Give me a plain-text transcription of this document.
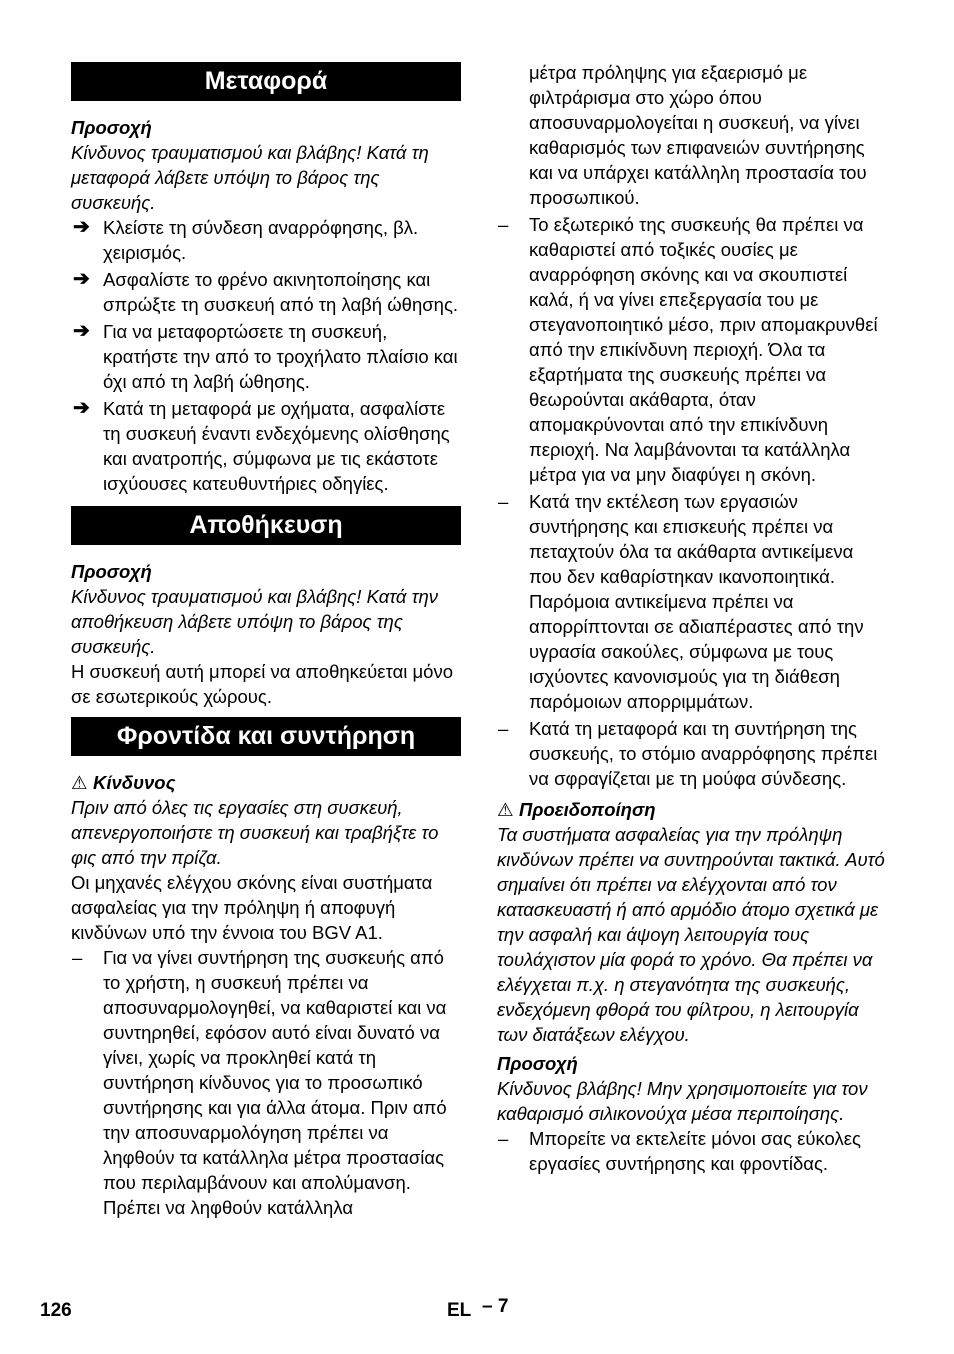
Μεταφορά

Προσοχή

Κίνδυνος τραυματισμού και βλάβης! Κατά τη μεταφορά λάβετε υπόψη το βάρος της συσκευής.

➔ Κλείστε τη σύνδεση αναρρόφησης, βλ. χειρισμός.
➔ Ασφαλίστε το φρένο ακινητοποίησης και σπρώξτε τη συσκευή από τη λαβή ώθησης.
➔ Για να μεταφορτώσετε τη συσκευή, κρατήστε την από το τροχήλατο πλαίσιο και όχι από τη λαβή ώθησης.
➔ Κατά τη μεταφορά με οχήματα, ασφαλίστε τη συσκευή έναντι ενδεχόμενης ολίσθησης και ανατροπής, σύμφωνα με τις εκάστοτε ισχύουσες κατευθυντήριες οδηγίες.
Αποθήκευση

Προσοχή

Κίνδυνος τραυματισμού και βλάβης! Κατά την αποθήκευση λάβετε υπόψη το βάρος της συσκευής.

Η συσκευή αυτή μπορεί να αποθηκεύεται μόνο σε εσωτερικούς χώρους.

Φροντίδα και συντήρηση

⚠ Κίνδυνος

Πριν από όλες τις εργασίες στη συσκευή, απενεργοποιήστε τη συσκευή και τραβήξτε το φις από την πρίζα.

Οι μηχανές ελέγχου σκόνης είναι συστήματα ασφαλείας για την πρόληψη ή αποφυγή κινδύνων υπό την έννοια του BGV A1.

– Για να γίνει συντήρηση της συσκευής από το χρήστη, η συσκευή πρέπει να αποσυναρμολογηθεί, να καθαριστεί και να συντηρηθεί, εφόσον αυτό είναι δυνατό να γίνει, χωρίς να προκληθεί κατά τη συντήρηση κίνδυνος για το προσωπικό συντήρησης και για άλλα άτομα. Πριν από την αποσυναρμολόγηση πρέπει να ληφθούν τα κατάλληλα μέτρα προστασίας που περιλαμβάνουν και απολύμανση. Πρέπει να ληφθούν κατάλληλα
μέτρα πρόληψης για εξαερισμό με φιλτράρισμα στο χώρο όπου αποσυναρμολογείται η συσκευή, να γίνει καθαρισμός των επιφανειών συντήρησης και να υπάρχει κατάλληλη προστασία του προσωπικού.
– Το εξωτερικό της συσκευής θα πρέπει να καθαριστεί από τοξικές ουσίες με αναρρόφηση σκόνης και να σκουπιστεί καλά, ή να γίνει επεξεργασία του με στεγανοποιητικό μέσο, πριν απομακρυνθεί από την επικίνδυνη περιοχή. Όλα τα εξαρτήματα της συσκευής πρέπει να θεωρούνται ακάθαρτα, όταν απομακρύνονται από την επικίνδυνη περιοχή. Να λαμβάνονται τα κατάλληλα μέτρα για να μην διαφύγει η σκόνη.
– Κατά την εκτέλεση των εργασιών συντήρησης και επισκευής πρέπει να πεταχτούν όλα τα ακάθαρτα αντικείμενα που δεν καθαρίστηκαν ικανοποιητικά. Παρόμοια αντικείμενα πρέπει να απορρίπτονται σε αδιαπέραστες από την υγρασία σακούλες, σύμφωνα με τους ισχύοντες κανονισμούς για τη διάθεση παρόμοιων απορριμμάτων.
– Κατά τη μεταφορά και τη συντήρηση της συσκευής, το στόμιο αναρρόφησης πρέπει να σφραγίζεται με τη μούφα σύνδεσης.

⚠ Προειδοποίηση

Τα συστήματα ασφαλείας για την πρόληψη κινδύνων πρέπει να συντηρούνται τακτικά. Αυτό σημαίνει ότι πρέπει να ελέγχονται από τον κατασκευαστή ή από αρμόδιο άτομο σχετικά με την ασφαλή και άψογη λειτουργία τους τουλάχιστον μία φορά το χρόνο. Θα πρέπει να ελέγχεται π.χ. η στεγανότητα της συσκευής, ενδεχόμενη φθορά του φίλτρου, η λειτουργία των διατάξεων ελέγχου.

Προσοχή

Κίνδυνος βλάβης! Μην χρησιμοποιείτε για τον καθαρισμό σιλικονούχα μέσα περιποίησης.

– Μπορείτε να εκτελείτε μόνοι σας εύκολες εργασίες συντήρησης και φροντίδας.
126	EL – 7
